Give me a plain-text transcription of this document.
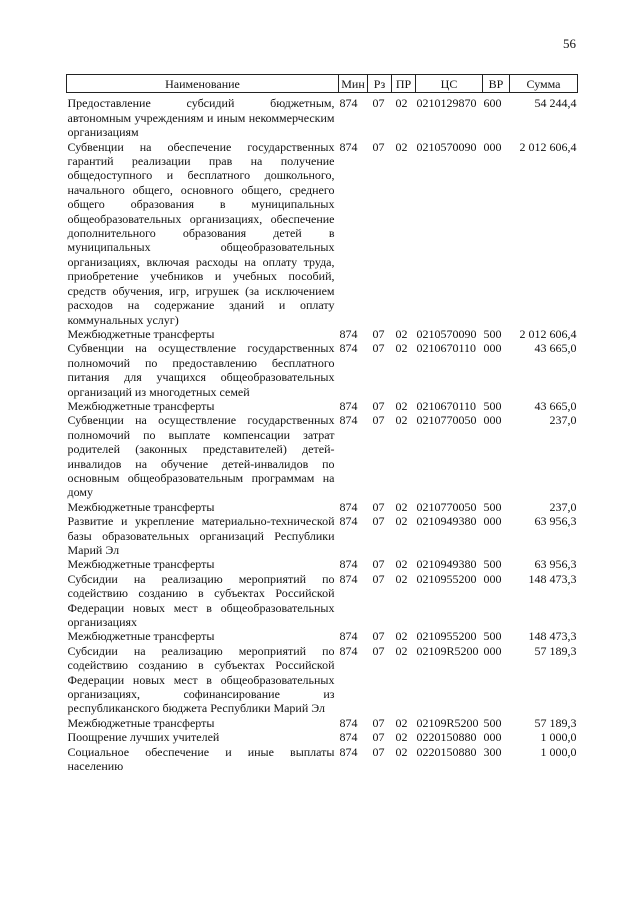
56
Наименование	Мин	Рз	ПР	ЦС	ВР	Сумма
Предоставление субсидий бюджетным, автономным учреждениям и иным некоммерческим организациям	874	07	02	0210129870	600	54 244,4
Субвенции на обеспечение государственных гарантий реализации прав на получение общедоступного и бесплатного дошкольного, начального общего, основного общего, среднего общего образования в муниципальных общеобразовательных организациях, обеспечение дополнительного образования детей в муниципальных общеобразовательных организациях, включая расходы на оплату труда, приобретение учебников и учебных пособий, средств обучения, игр, игрушек (за исключением расходов на содержание зданий и оплату коммунальных услуг)	874	07	02	0210570090	000	2 012 606,4
Межбюджетные трансферты	874	07	02	0210570090	500	2 012 606,4
Субвенции на осуществление государственных полномочий по предоставлению бесплатного питания для учащихся общеобразовательных организаций из многодетных семей	874	07	02	0210670110	000	43 665,0
Межбюджетные трансферты	874	07	02	0210670110	500	43 665,0
Субвенции на осуществление государственных полномочий по выплате компенсации затрат родителей (законных представителей) детей-инвалидов на обучение детей-инвалидов по основным общеобразовательным программам на дому	874	07	02	0210770050	000	237,0
Межбюджетные трансферты	874	07	02	0210770050	500	237,0
Развитие и укрепление материально-технической базы образовательных организаций Республики Марий Эл	874	07	02	0210949380	000	63 956,3
Межбюджетные трансферты	874	07	02	0210949380	500	63 956,3
Субсидии на реализацию мероприятий по содействию созданию в субъектах Российской Федерации новых мест в общеобразовательных организациях	874	07	02	0210955200	000	148 473,3
Межбюджетные трансферты	874	07	02	0210955200	500	148 473,3
Субсидии на реализацию мероприятий по содействию созданию в субъектах Российской Федерации новых мест в общеобразовательных организациях, софинансирование из республиканского бюджета Республики Марий Эл	874	07	02	02109R5200	000	57 189,3
Межбюджетные трансферты	874	07	02	02109R5200	500	57 189,3
Поощрение лучших учителей	874	07	02	0220150880	000	1 000,0
Социальное обеспечение и иные выплаты населению	874	07	02	0220150880	300	1 000,0
